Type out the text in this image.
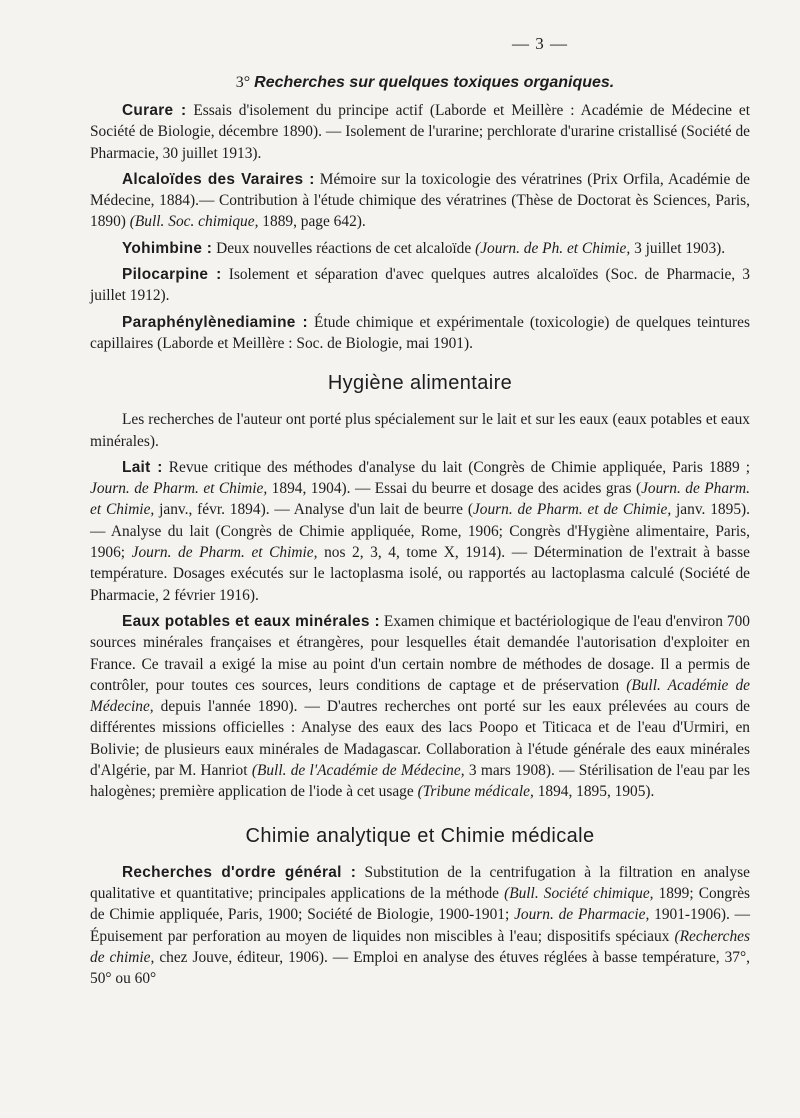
— 3 —
3° Recherches sur quelques toxiques organiques.

Curare : Essais d'isolement du principe actif (Laborde et Meillère : Académie de Médecine et Société de Biologie, décembre 1890). — Isolement de l'urarine; perchlorate d'urarine cristallisé (Société de Pharmacie, 30 juillet 1913).

Alcaloïdes des Varaires : Mémoire sur la toxicologie des vératrines (Prix Orfila, Académie de Médecine, 1884).— Contribution à l'étude chimique des vératrines (Thèse de Doctorat ès Sciences, Paris, 1890) (Bull. Soc. chimique, 1889, page 642).

Yohimbine : Deux nouvelles réactions de cet alcaloïde (Journ. de Ph. et Chimie, 3 juillet 1903).

Pilocarpine : Isolement et séparation d'avec quelques autres alcaloïdes (Soc. de Pharmacie, 3 juillet 1912).

Paraphénylènediamine : Étude chimique et expérimentale (toxicologie) de quelques teintures capillaires (Laborde et Meillère : Soc. de Biologie, mai 1901).

Hygiène alimentaire

Les recherches de l'auteur ont porté plus spécialement sur le lait et sur les eaux (eaux potables et eaux minérales).

Lait : Revue critique des méthodes d'analyse du lait (Congrès de Chimie appliquée, Paris 1889 ; Journ. de Pharm. et Chimie, 1894, 1904). — Essai du beurre et dosage des acides gras (Journ. de Pharm. et Chimie, janv., févr. 1894). — Analyse d'un lait de beurre (Journ. de Pharm. et de Chimie, janv. 1895). — Analyse du lait (Congrès de Chimie appliquée, Rome, 1906; Congrès d'Hygiène alimentaire, Paris, 1906; Journ. de Pharm. et Chimie, nos 2, 3, 4, tome X, 1914). — Détermination de l'extrait à basse température. Dosages exécutés sur le lactoplasma isolé, ou rapportés au lactoplasma calculé (Société de Pharmacie, 2 février 1916).

Eaux potables et eaux minérales : Examen chimique et bactériologique de l'eau d'environ 700 sources minérales françaises et étrangères, pour lesquelles était demandée l'autorisation d'exploiter en France. Ce travail a exigé la mise au point d'un certain nombre de méthodes de dosage. Il a permis de contrôler, pour toutes ces sources, leurs conditions de captage et de préservation (Bull. Académie de Médecine, depuis l'année 1890). — D'autres recherches ont porté sur les eaux prélevées au cours de différentes missions officielles : Analyse des eaux des lacs Poopo et Titicaca et de l'eau d'Urmiri, en Bolivie; de plusieurs eaux minérales de Madagascar. Collaboration à l'étude générale des eaux minérales d'Algérie, par M. Hanriot (Bull. de l'Académie de Médecine, 3 mars 1908). — Stérilisation de l'eau par les halogènes; première application de l'iode à cet usage (Tribune médicale, 1894, 1895, 1905).

Chimie analytique et Chimie médicale

Recherches d'ordre général : Substitution de la centrifugation à la filtration en analyse qualitative et quantitative; principales applications de la méthode (Bull. Société chimique, 1899; Congrès de Chimie appliquée, Paris, 1900; Société de Biologie, 1900-1901; Journ. de Pharmacie, 1901-1906). — Épuisement par perforation au moyen de liquides non miscibles à l'eau; dispositifs spéciaux (Recherches de chimie, chez Jouve, éditeur, 1906). — Emploi en analyse des étuves réglées à basse température, 37°, 50° ou 60°
